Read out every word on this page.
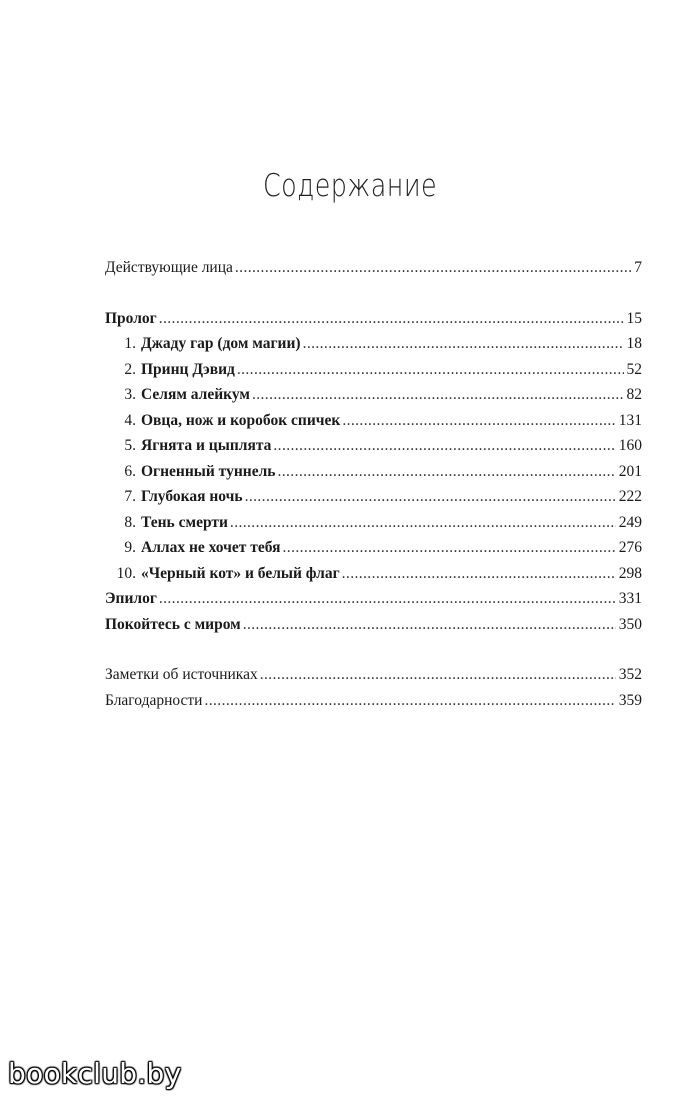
Содержание
Действующие лица .....	7
Пролог .....	15
1. Джаду гар (дом магии) .....	18
2. Принц Дэвид .....	52
3. Селям алейкум .....	82
4. Овца, нож и коробок спичек .....	131
5. Ягнята и цыплята .....	160
6. Огненный туннель .....	201
7. Глубокая ночь .....	222
8. Тень смерти .....	249
9. Аллах не хочет тебя .....	276
10. «Черный кот» и белый флаг .....	298
Эпилог .....	331
Покойтесь с миром .....	350
Заметки об источниках .....	352
Благодарности .....	359
bookclub.by
